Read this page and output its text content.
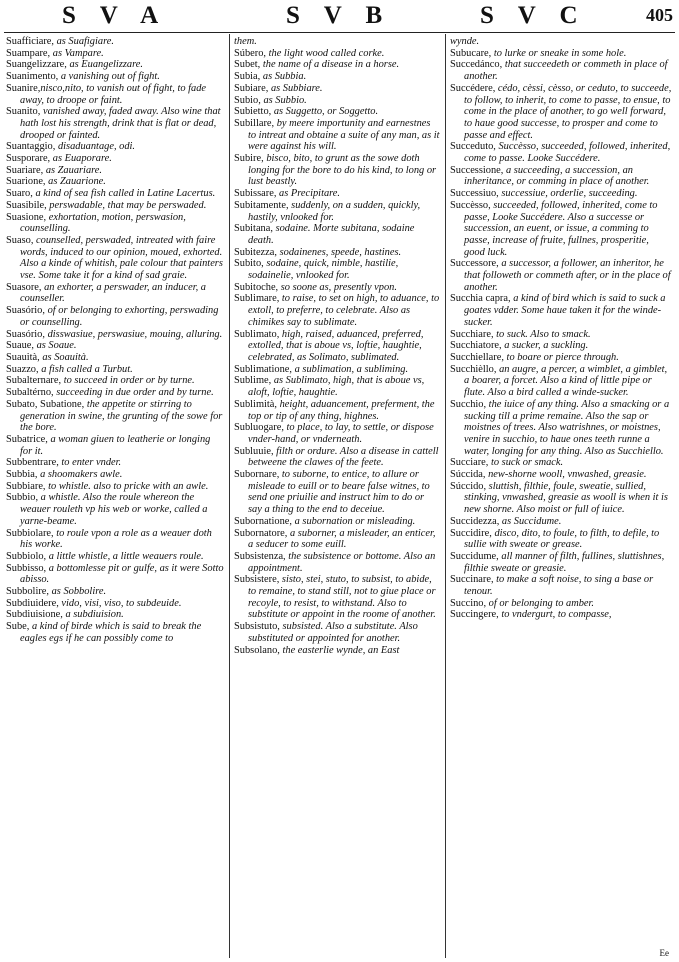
S V A	S V B	S V C	405

Suafficiare, as Suafigiare.

Suampare, as Vampare.

Suangelizzare, as Euangelizzare.

Suanimento, a vanishing out of fight.

Suanire,nisco,nito, to vanish out of fight, to fade away, to droope or faint.

Suanito, vanished away, faded away. Also wine that hath lost his strength, drink that is flat or dead, drooped or fainted.

Suantaggio, disaduantage, odi.

Susporare, as Euaporare.

Suariare, as Zauariare.

Suarione, as Zauarione.

Suaro, a kind of sea fish called in Latine Lacertus.

Suasibile, perswadable, that may be perswaded.

Suasione, exhortation, motion, perswasion, counselling.

Suaso, counselled, perswaded, intreated with faire words, induced to our opinion, moued, exhorted. Also a kinde of whitish, pale colour that painters vse. Some take it for a kind of sad graie.

Suasore, an exhorter, a perswader, an inducer, a counseller.

Suasório, of or belonging to exhorting, perswading or counselling.

Suasório, disswasiue, perswasiue, mouing, alluring.

Suaue, as Soaue.

Suauità, as Soauità.

Suazzo, a fish called a Turbut.

Subalternare, to succeed in order or by turne.

Subaltérno, succeeding in due order and by turne.

Subato, Subatione, the appetite or stirring to generation in swine, the grunting of the sowe for the bore.

Subatrice, a woman giuen to leatherie or longing for it.

Subbentrare, to enter vnder.

Subbia, a shoomakers awle.

Subbiare, to whistle. also to pricke with an awle.

Subbio, a whistle. Also the roule whereon the weauer rouleth vp his web or worke, called a yarne-beame.

Subbiolare, to roule vpon a role as a weauer doth his worke.

Subbiolo, a little whistle, a little weauers roule.

Subbisso, a bottomlesse pit or gulfe, as it were Sotto abisso.

Subbolire, as Sobbolire.

Subdiuidere, vido, visi, viso, to subdeuide.

Subdiuisione, a subdiuision.

Sube, a kind of birde which is said to break the eagles egs if he can possibly come to

them.

Súbero, the light wood called corke.

Subet, the name of a disease in a horse.

Subia, as Subbia.

Subiare, as Subbiare.

Subio, as Subbio.

Subietto, as Suggetto, or Soggetto.

Subillare, by meere importunity and earnestnes to intreat and obtaine a suite of any man, as it were against his will.

Subire, bisco, bito, to grunt as the sowe doth longing for the bore to do his kind, to long or lust beastly.

Subissare, as Precipitare.

Subitamente, suddenly, on a sudden, quickly, hastily, vnlooked for.

Subitana, sodaine. Morte subitana, sodaine death.

Subitezza, sodainenes, speede, hastines.

Subito, sodaine, quick, nimble, hastilie, sodainelie, vnlooked for.

Subitoche, so soone as, presently vpon.

Sublimare, to raise, to set on high, to aduance, to extoll, to preferre, to celebrate. Also as chimikes say to sublimate.

Sublimato, high, raised, aduanced, preferred, extolled, that is aboue vs, loftie, haughtie, celebrated, as Solimato, sublimated.

Sublimatione, a sublimation, a subliming.

Sublime, as Sublimato, high, that is aboue vs, aloft, loftie, haughtie.

Sublimità, height, aduancement, preferment, the top or tip of any thing, highnes.

Subluogare, to place, to lay, to settle, or dispose vnder-hand, or vnderneath.

Subluuie, filth or ordure. Also a disease in cattell betweene the clawes of the feete.

Subornare, to suborne, to entice, to allure or misleade to euill or to beare false witnes, to send one priuilie and instruct him to do or say a thing to the end to deceiue.

Subornatione, a subornation or misleading.

Subornatore, a suborner, a misleader, an enticer, a seducer to some euill.

Subsistenza, the subsistence or bottome. Also an appointment.

Subsistere, sisto, stei, stuto, to subsist, to abide, to remaine, to stand still, not to giue place or recoyle, to resist, to withstand. Also to substitute or appoint in the roome of another.

Subsistuto, subsisted. Also a substitute. Also substituted or appointed for another.

Subsolano, the easterlie wynde, an East

wynde.

Subucare, to lurke or sneake in some hole.

Succedánco, that succeedeth or commeth in place of another.

Succédere, cédo, cèssi, cèsso, or ceduto, to succeede, to follow, to inherit, to come to passe, to ensue, to come in the place of another, to go well forward, to haue good successe, to prosper and come to passe and effect.

Succeduto, Succèsso, succeeded, followed, inherited, come to passe. Looke Succédere.

Successione, a succeeding, a succession, an inheritance, or comming in place of another.

Successiuo, successiue, orderlie, succeeding.

Succèsso, succeeded, followed, inherited, come to passe, Looke Succédere. Also a successe or succession, an euent, or issue, a comming to passe, increase of fruite, fullnes, prosperitie, good luck.

Successore, a successor, a follower, an inheritor, he that followeth or commeth after, or in the place of another.

Succhia capra, a kind of bird which is said to suck a goates vdder. Some haue taken it for the winde-sucker.

Succhiare, to suck. Also to smack.

Succhiatore, a sucker, a suckling.

Succhiellare, to boare or pierce through.

Succhièllo, an augre, a percer, a wimblet, a gimblet, a boarer, a forcet. Also a kind of little pipe or flute. Also a bird called a winde-sucker.

Succhio, the iuice of any thing. Also a smacking or a sucking till a prime remaine. Also the sap or moistnes of trees. Also watrishnes, or moistnes, venire in succhio, to haue ones teeth runne a water, longing for any thing. Also as Succhiello.

Succiare, to suck or smack.

Súccida, new-shorne wooll, vnwashed, greasie.

Súccido, sluttish, filthie, foule, sweatie, sullied, stinking, vnwashed, greasie as wooll is when it is new shorne. Also moist or full of iuice.

Succidezza, as Succidume.

Succidire, disco, dito, to foule, to filth, to defile, to sullie with sweate or grease.

Succidume, all manner of filth, fullines, sluttishnes, filthie sweate or greasie.

Succinare, to make a soft noise, to sing a base or tenour.

Succino, of or belonging to amber.

Succingere, to vndergurt, to compasse,

Ee
